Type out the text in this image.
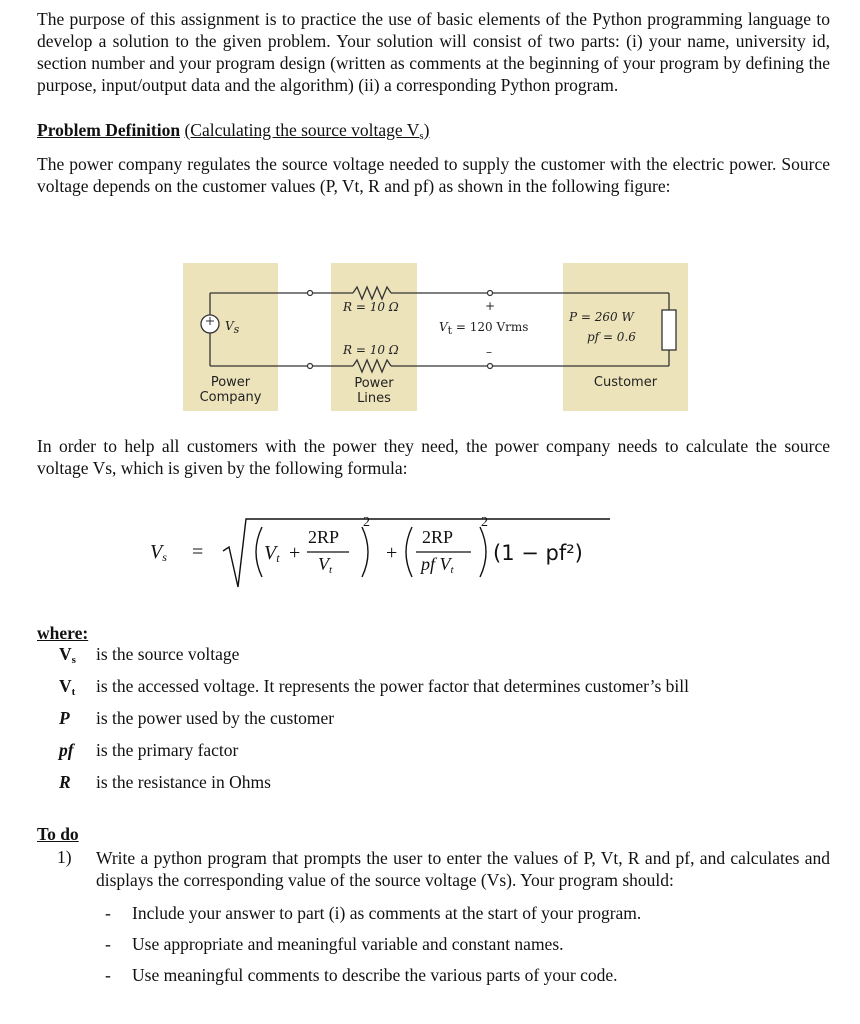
The purpose of this assignment is to practice the use of basic elements of the Python programming language to develop a solution to the given problem. Your solution will consist of two parts: (i) your name, university id, section number and your program design (written as comments at the beginning of your program by defining the purpose, input/output data and the algorithm) (ii) a corresponding Python program.

Problem Definition (Calculating the source voltage $V_s$)

The power company regulates the source voltage needed to supply the customer with the electric power. Source voltage depends on the customer values (P, Vt, R and pf) as shown in the following figure:

$V_s$
R = 10 Ω
R = 10 Ω
+
–
$V_t = 120$ Vrms
P = 260 W
pf = 0.6
Power
Company
Power
Lines
Customer

In order to help all customers with the power they need, the power company needs to calculate the source voltage Vs, which is given by the following formula:

$V_s$ =	$V_t$ +
2RP
$V_t$
2
+
2RP
pf $V_t$
2
(1 − pf²)
where:
$V_s$ is the source voltage
$V_t$ is the accessed voltage. It represents the power factor that determines customer’s bill
P is the power used by the customer
pf is the primary factor
R is the resistance in Ohms
To do
1) Write a python program that prompts the user to enter the values of P, Vt, R and pf, and calculates and displays the corresponding value of the source voltage (Vs). Your program should:

- Include your answer to part (i) as comments at the start of your program.
- Use appropriate and meaningful variable and constant names.
- Use meaningful comments to describe the various parts of your code.
